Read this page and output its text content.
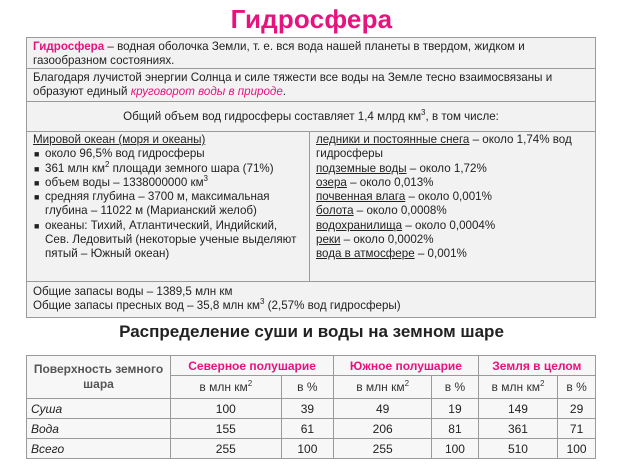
Гидросфера
Гидросфера – водная оболочка Земли, т. е. вся вода нашей планеты в твердом, жидком и газообразном состояниях.
Благодаря лучистой энергии Солнца и силе тяжести все воды на Земле тесно взаимосвязаны и образуют единый круговорот воды в природе.
Общий объем вод гидросферы составляет 1,4 млрд $км^3$, в том числе:
Мировой океан (моря и океаны)
■ около 96,5% вод гидросферы
■ 361 млн $км^2$ площади земного шара (71%)
■ объем воды – 1338000000 $км^3$
■ средняя глубина – 3700 м, максимальная глубина – 11022 м (Марианский желоб)
■ океаны: Тихий, Атлантический, Индийский, Сев. Ледовитый (некоторые ученые выделяют пятый – Южный океан)
ледники и постоянные снега – около 1,74% вод гидросферы
подземные воды – около 1,72%
озера – около 0,013%
почвенная влага – около 0,001%
болота – около 0,0008%
водохранилища – около 0,0004%
реки – около 0,0002%
вода в атмосфере – 0,001%
Общие запасы воды – 1389,5 млн км
Общие запасы пресных вод – 35,8 млн $км^3$ (2,57% вод гидросферы)
Распределение суши и воды на земном шаре
Поверхность земного шара	Северное полушарие		Южное полушарие		Земля в целом	
	в млн $км^2$	в %	в млн $км^2$	в %	в млн $км^2$	в %
Суша	100	39	49	19	149	29
Вода	155	61	206	81	361	71
Всего	255	100	255	100	510	100
